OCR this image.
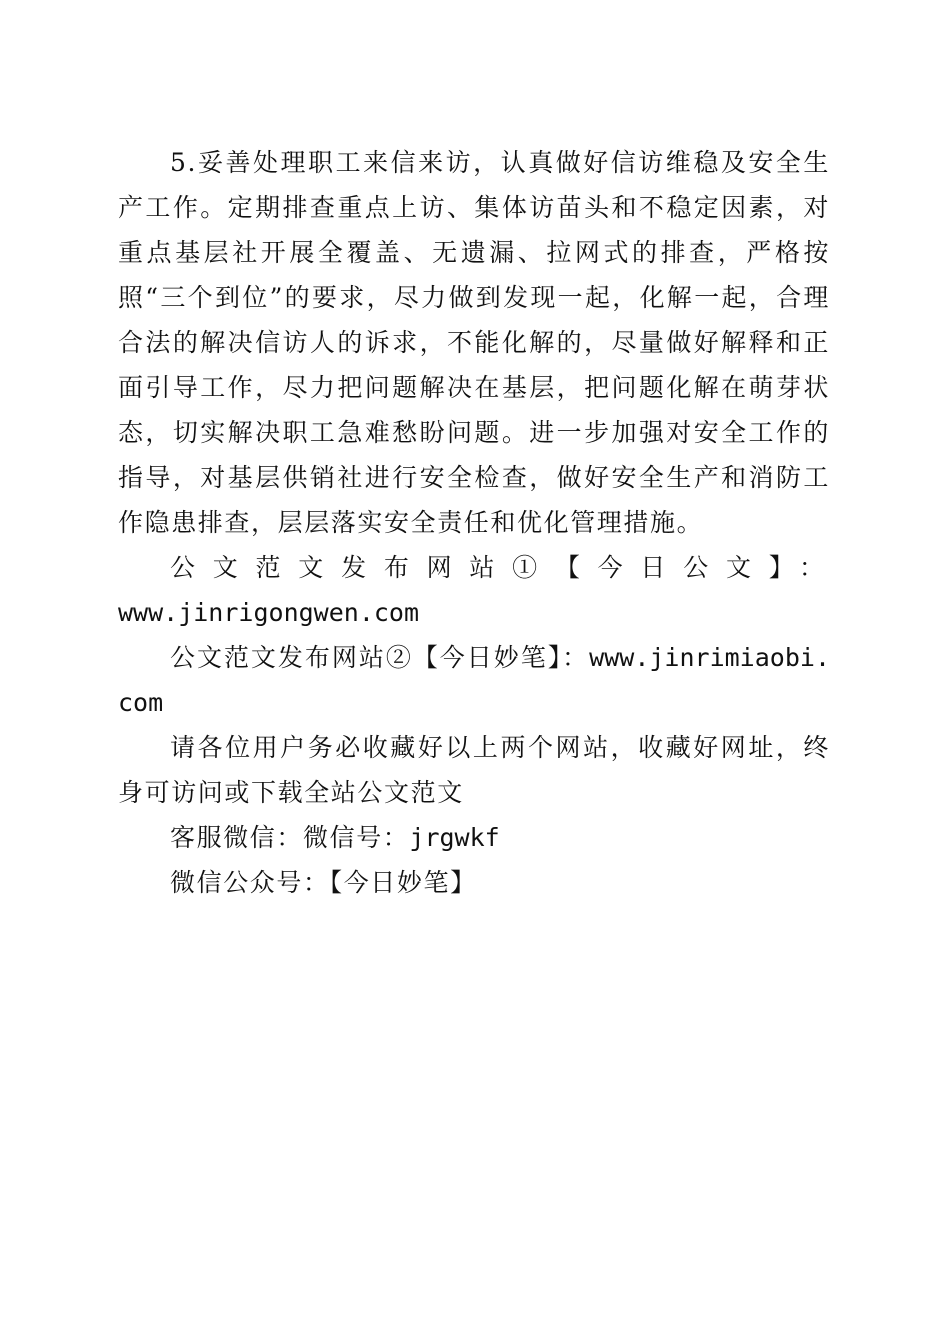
5.妥善处理职工来信来访，认真做好信访维稳及安全生产工作。定期排查重点上访、集体访苗头和不稳定因素，对重点基层社开展全覆盖、无遗漏、拉网式的排查，严格按照“三个到位”的要求，尽力做到发现一起，化解一起，合理合法的解决信访人的诉求，不能化解的，尽量做好解释和正面引导工作，尽力把问题解决在基层，把问题化解在萌芽状态，切实解决职工急难愁盼问题。进一步加强对安全工作的指导，对基层供销社进行安全检查，做好安全生产和消防工作隐患排查，层层落实安全责任和优化管理措施。

公文范文发布网站①【今日公文】：

www.jinrigongwen.com

公文范文发布网站②【今日妙笔】：www.jinrimiaobi.com

请各位用户务必收藏好以上两个网站，收藏好网址，终身可访问或下载全站公文范文

客服微信：微信号：jrgwkf

微信公众号：【今日妙笔】
